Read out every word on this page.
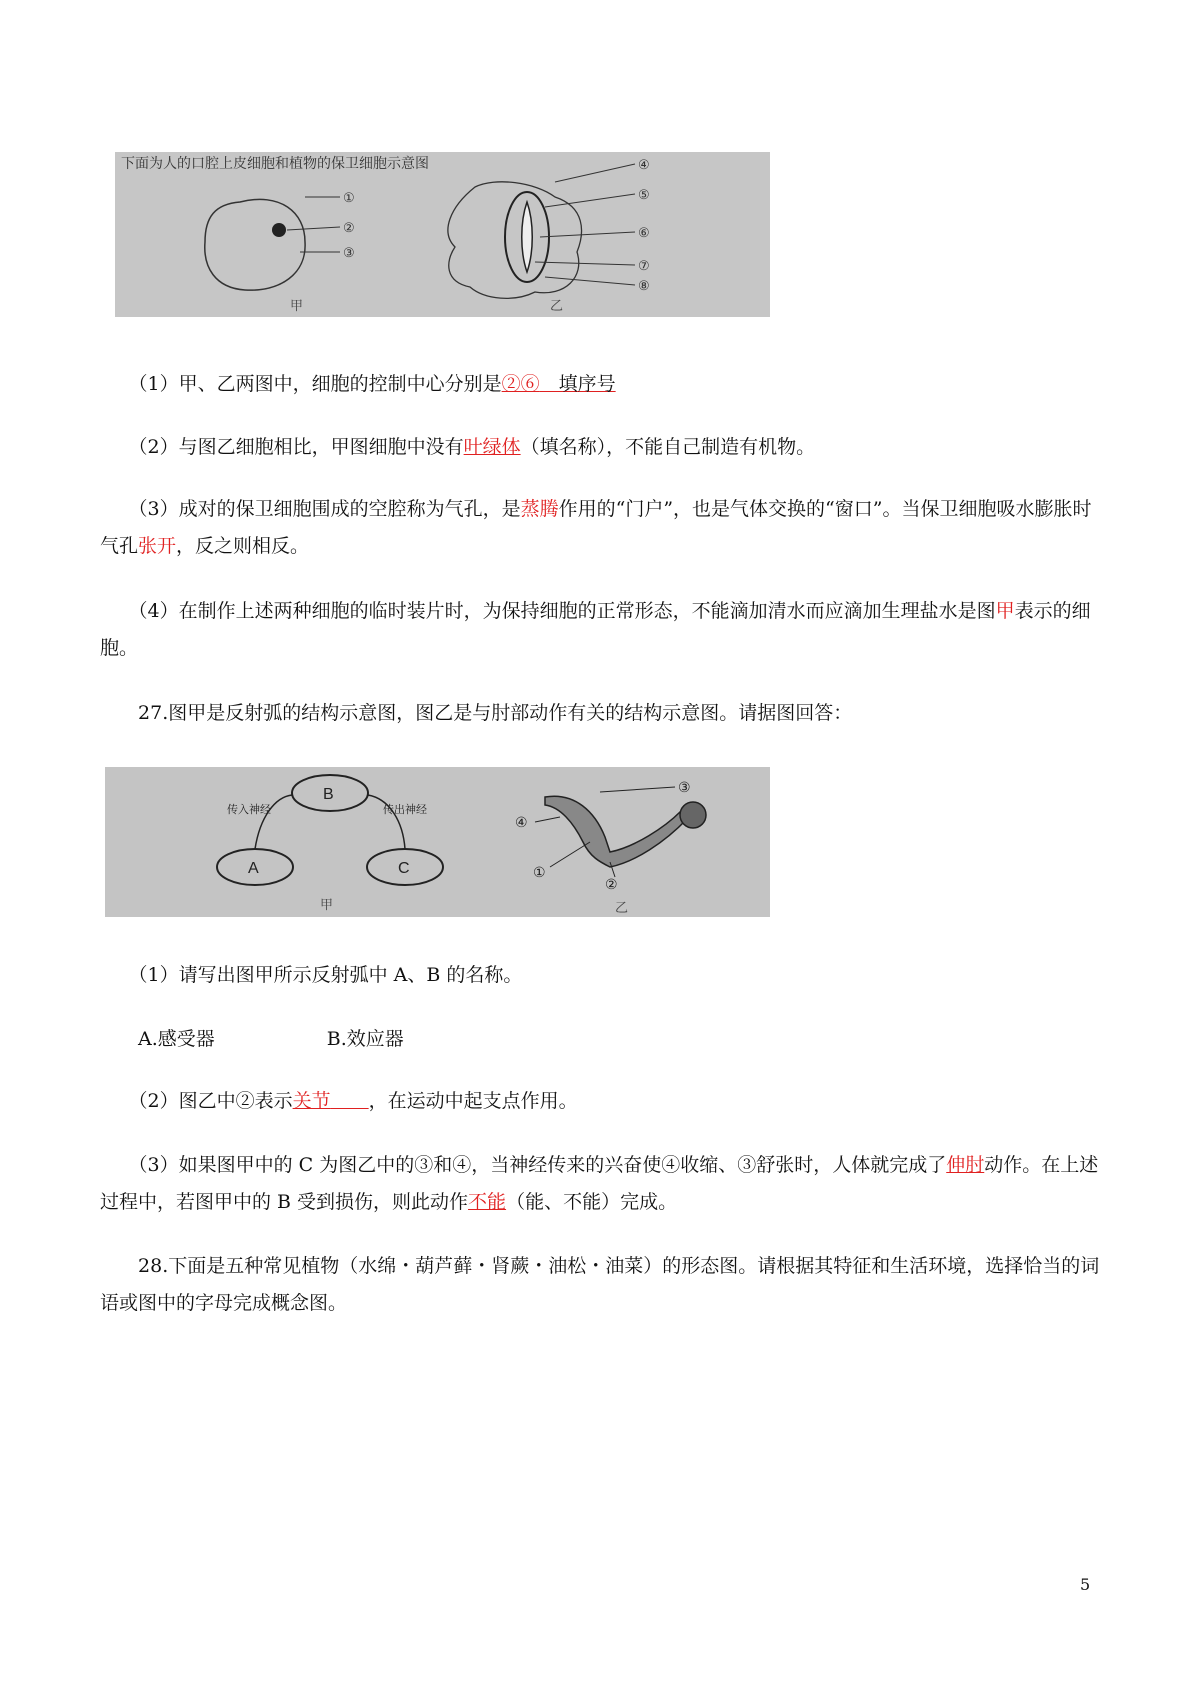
下面为人的口腔上皮细胞和植物的保卫细胞示意图
①
②
③
甲
④
⑤
⑥
⑦
⑧
乙
　　（1）甲、乙两图中，细胞的控制中心分别是②⑥　填序号
　　（2）与图乙细胞相比，甲图细胞中没有叶绿体（填名称），不能自己制造有机物。
　　（3）成对的保卫细胞围成的空腔称为气孔，是蒸腾作用的“门户”，也是气体交换的“窗口”。当保卫细胞吸水膨胀时气孔张开，反之则相反。
　　（4）在制作上述两种细胞的临时装片时，为保持细胞的正常形态，不能滴加清水而应滴加生理盐水是图甲表示的细胞。
　　27.图甲是反射弧的结构示意图，图乙是与肘部动作有关的结构示意图。请据图回答：
B
A	C
传入神经	传出神经
甲
③
④
①
②
乙
　　（1）请写出图甲所示反射弧中 A、B 的名称。
A.感受器	B.效应器
　　（2）图乙中②表示关节　　 ，在运动中起支点作用。
　　（3）如果图甲中的 C 为图乙中的③和④，当神经传来的兴奋使④收缩、③舒张时，人体就完成了伸肘动作。在上述过程中，若图甲中的 B 受到损伤，则此动作不能（能、不能）完成。
　　28.下面是五种常见植物（水绵・葫芦藓・肾蕨・油松・油菜）的形态图。请根据其特征和生活环境，选择恰当的词语或图中的字母完成概念图。
5
